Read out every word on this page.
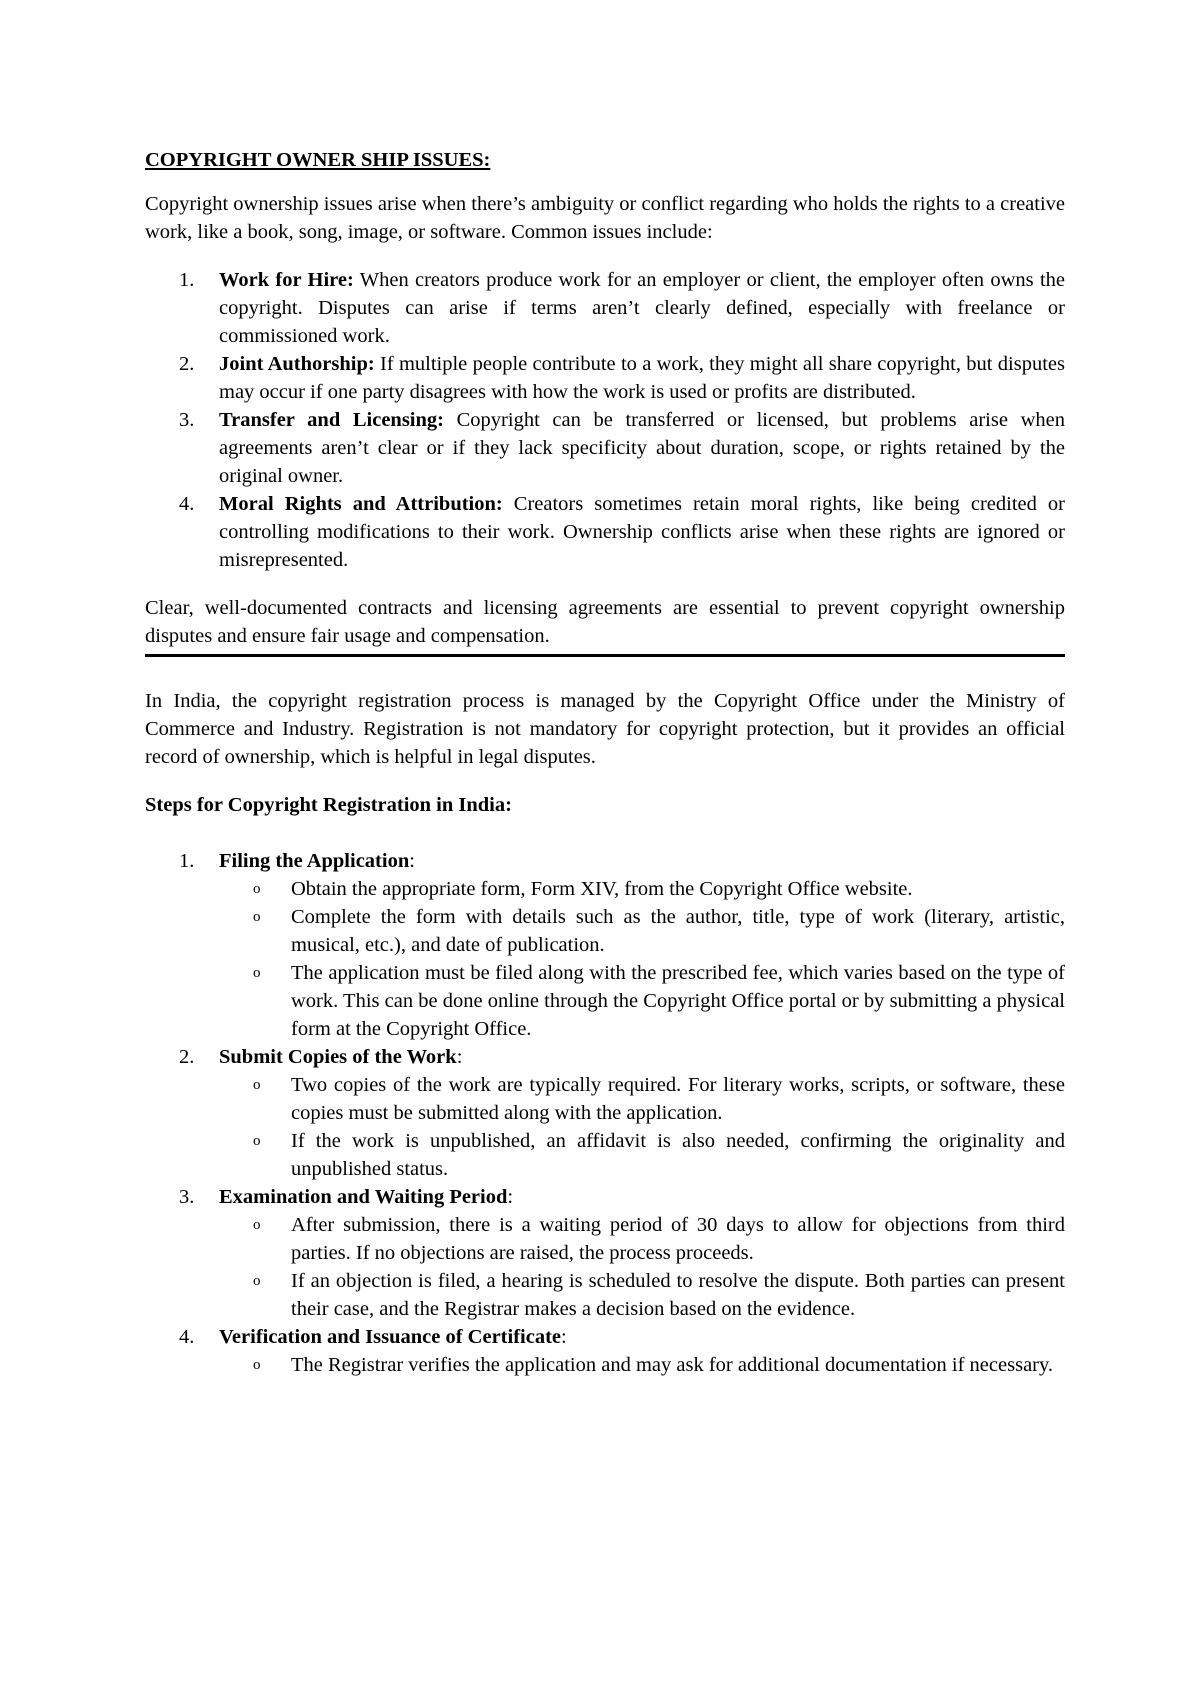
COPYRIGHT OWNER SHIP ISSUES:

Copyright ownership issues arise when there’s ambiguity or conflict regarding who holds the rights to a creative work, like a book, song, image, or software. Common issues include:

1. Work for Hire: When creators produce work for an employer or client, the employer often owns the copyright. Disputes can arise if terms aren’t clearly defined, especially with freelance or commissioned work.
2. Joint Authorship: If multiple people contribute to a work, they might all share copyright, but disputes may occur if one party disagrees with how the work is used or profits are distributed.
3. Transfer and Licensing: Copyright can be transferred or licensed, but problems arise when agreements aren’t clear or if they lack specificity about duration, scope, or rights retained by the original owner.
4. Moral Rights and Attribution: Creators sometimes retain moral rights, like being credited or controlling modifications to their work. Ownership conflicts arise when these rights are ignored or misrepresented.

Clear, well-documented contracts and licensing agreements are essential to prevent copyright ownership disputes and ensure fair usage and compensation.

In India, the copyright registration process is managed by the Copyright Office under the Ministry of Commerce and Industry. Registration is not mandatory for copyright protection, but it provides an official record of ownership, which is helpful in legal disputes.

Steps for Copyright Registration in India:

1. Filing the Application:
o Obtain the appropriate form, Form XIV, from the Copyright Office website.
o Complete the form with details such as the author, title, type of work (literary, artistic, musical, etc.), and date of publication.
o The application must be filed along with the prescribed fee, which varies based on the type of work. This can be done online through the Copyright Office portal or by submitting a physical form at the Copyright Office.
2. Submit Copies of the Work:
o Two copies of the work are typically required. For literary works, scripts, or software, these copies must be submitted along with the application.
o If the work is unpublished, an affidavit is also needed, confirming the originality and unpublished status.
3. Examination and Waiting Period:
o After submission, there is a waiting period of 30 days to allow for objections from third parties. If no objections are raised, the process proceeds.
o If an objection is filed, a hearing is scheduled to resolve the dispute. Both parties can present their case, and the Registrar makes a decision based on the evidence.
4. Verification and Issuance of Certificate:
o The Registrar verifies the application and may ask for additional documentation if necessary.
